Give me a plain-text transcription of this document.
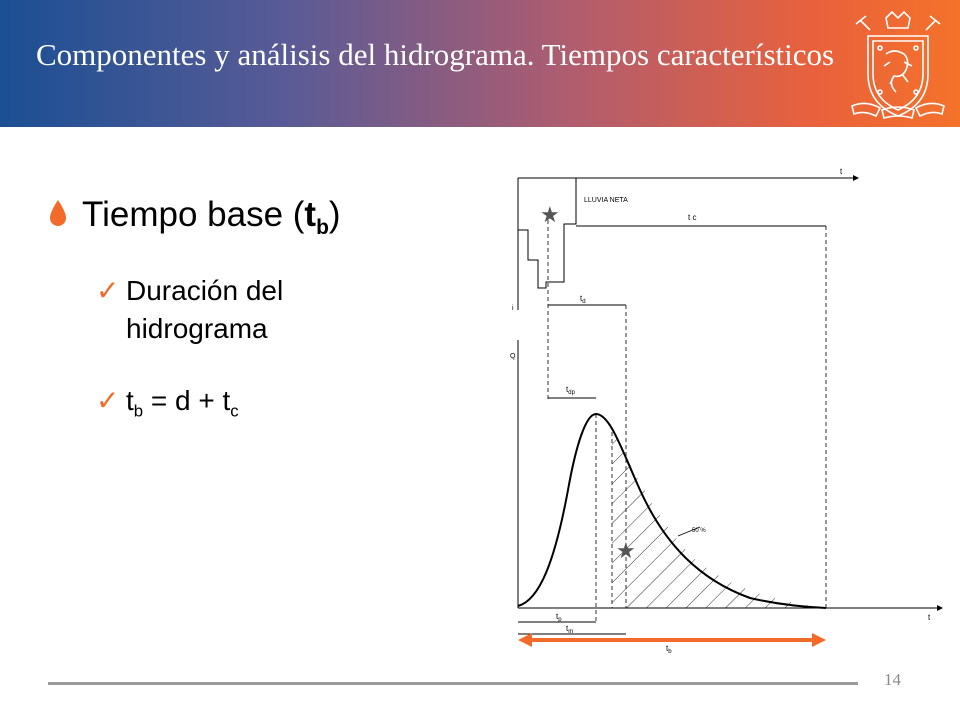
Componentes y análisis del hidrograma. Tiempos característicos
Tiempo base $(t_b)$
✓ Duración del hidrograma
✓ $t_b = d + t_c$
t
LLUVIA NETA
i
★	t c
$t_d$
Q
t
$t_{dp}$
50 %
★
$t_p$
$t_m$
$t_b$
14
